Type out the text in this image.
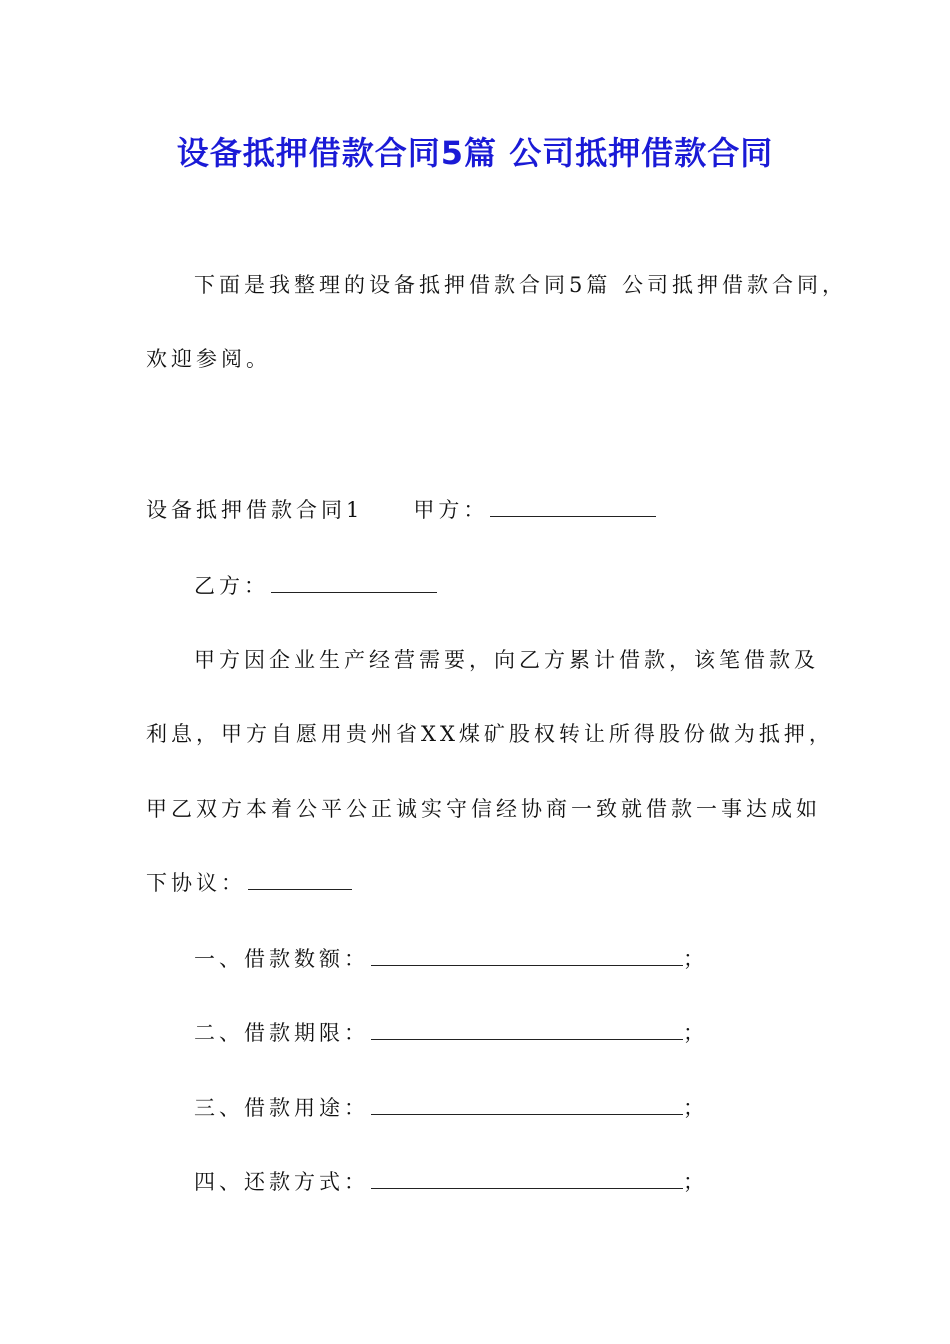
设备抵押借款合同5篇 公司抵押借款合同
下面是我整理的设备抵押借款合同5篇 公司抵押借款合同，
欢迎参阅。
设备抵押借款合同1 甲方：
乙方：
甲方因企业生产经营需要，向乙方累计借款，该笔借款及
利息，甲方自愿用贵州省XX煤矿股权转让所得股份做为抵押，
甲乙双方本着公平公正诚实守信经协商一致就借款一事达成如
下协议：
一、借款数额：	；
二、借款期限：	；
三、借款用途：	；
四、还款方式：	；
